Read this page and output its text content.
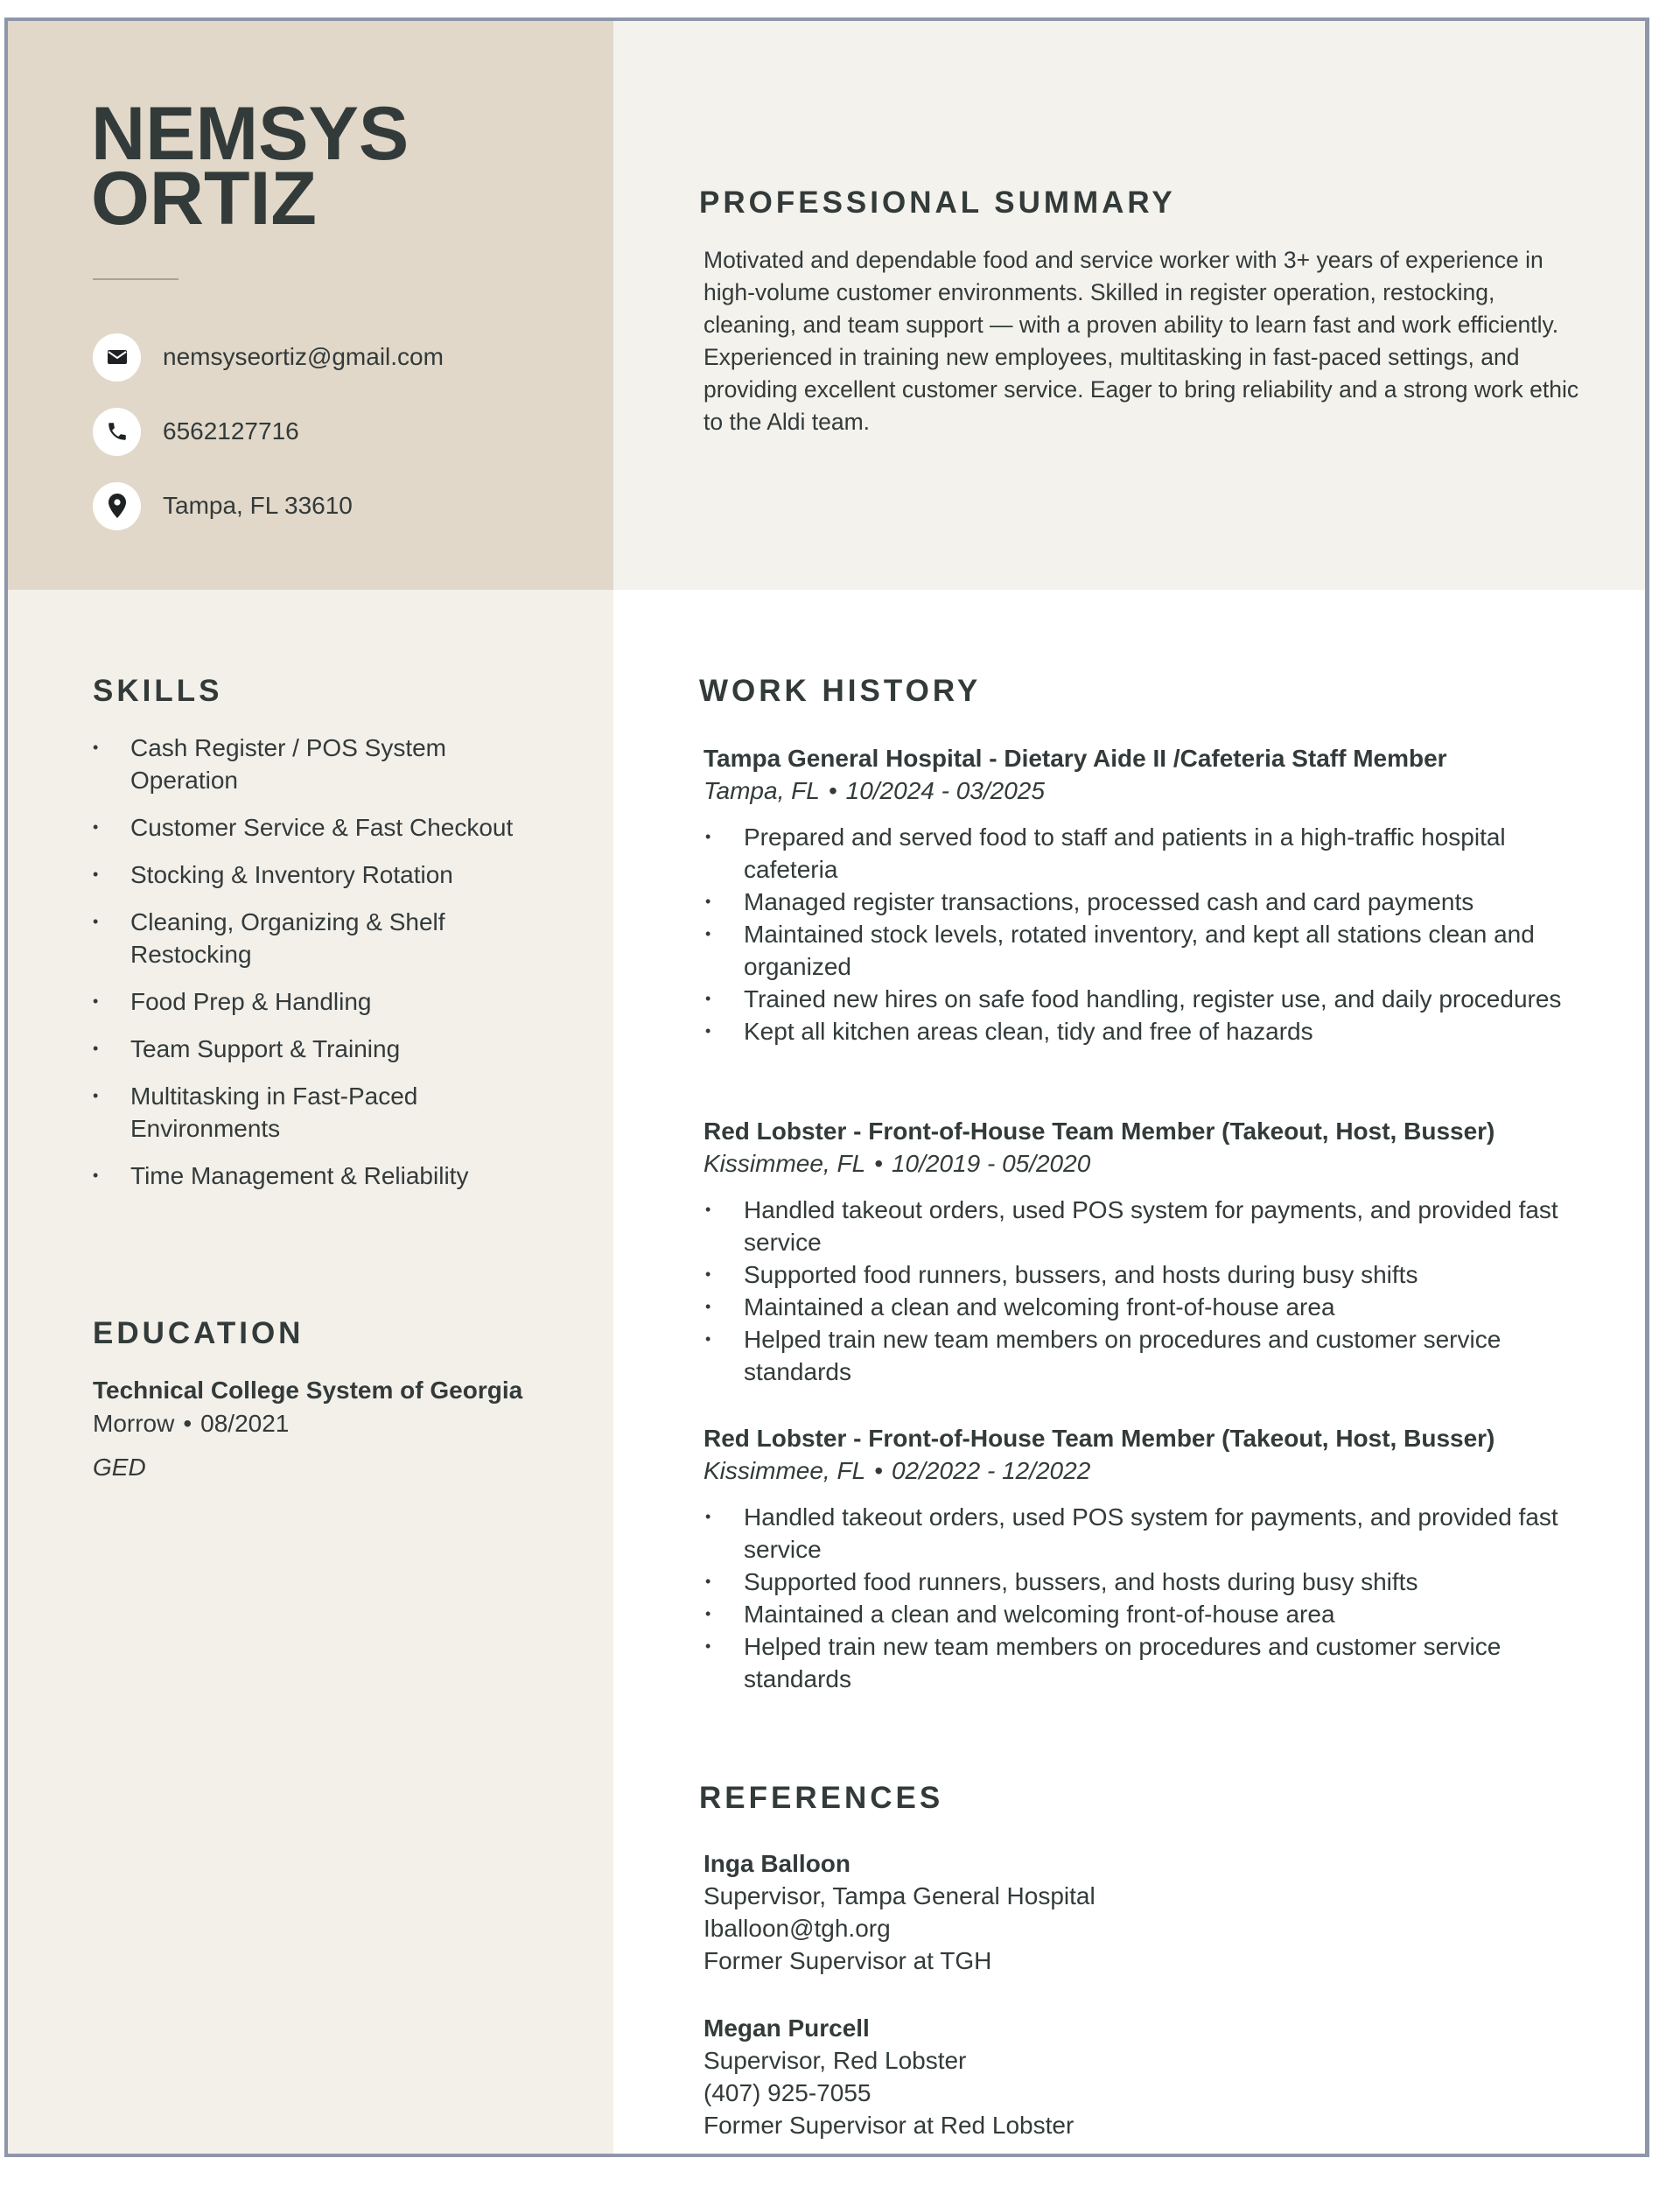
NEMSYS
ORTIZ
nemsyseortiz@gmail.com
6562127716
Tampa, FL 33610
PROFESSIONAL SUMMARY

Motivated and dependable food and service worker with 3+ years of experience in high-volume customer environments. Skilled in register operation, restocking, cleaning, and team support — with a proven ability to learn fast and work efficiently. Experienced in training new employees, multitasking in fast-paced settings, and providing excellent customer service. Eager to bring reliability and a strong work ethic to the Aldi team.

SKILLS
• Cash Register / POS System Operation
• Customer Service & Fast Checkout
• Stocking & Inventory Rotation
• Cleaning, Organizing & Shelf Restocking
• Food Prep & Handling
• Team Support & Training
• Multitasking in Fast-Paced Environments
• Time Management & Reliability
EDUCATION

Technical College System of Georgia

Morrow • 08/2021

GED

WORK HISTORY

Tampa General Hospital - Dietary Aide II /Cafeteria Staff Member

Tampa, FL • 10/2024 - 03/2025

• Prepared and served food to staff and patients in a high-traffic hospital cafeteria
• Managed register transactions, processed cash and card payments
• Maintained stock levels, rotated inventory, and kept all stations clean and organized
• Trained new hires on safe food handling, register use, and daily procedures
• Kept all kitchen areas clean, tidy and free of hazards

Red Lobster - Front-of-House Team Member (Takeout, Host, Busser)

Kissimmee, FL • 10/2019 - 05/2020

• Handled takeout orders, used POS system for payments, and provided fast service
• Supported food runners, bussers, and hosts during busy shifts
• Maintained a clean and welcoming front-of-house area
• Helped train new team members on procedures and customer service standards

Red Lobster - Front-of-House Team Member (Takeout, Host, Busser)

Kissimmee, FL • 02/2022 - 12/2022

• Handled takeout orders, used POS system for payments, and provided fast service
• Supported food runners, bussers, and hosts during busy shifts
• Maintained a clean and welcoming front-of-house area
• Helped train new team members on procedures and customer service standards
REFERENCES

Inga Balloon

Supervisor, Tampa General Hospital

Iballoon@tgh.org

Former Supervisor at TGH

Megan Purcell

Supervisor, Red Lobster

(407) 925-7055

Former Supervisor at Red Lobster
